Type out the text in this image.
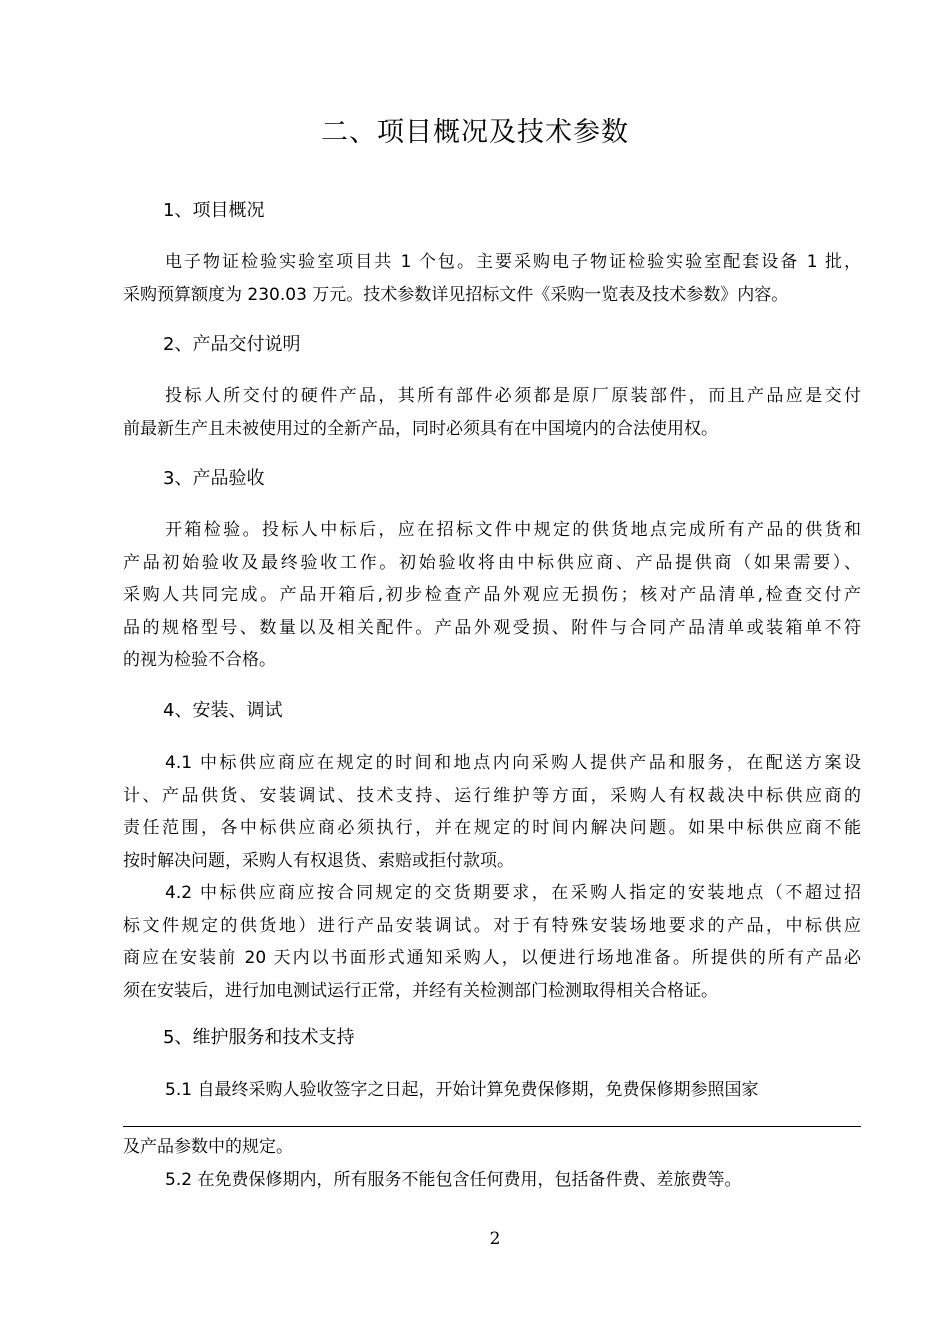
二、项目概况及技术参数
1、项目概况
电子物证检验实验室项目共 1 个包。主要采购电子物证检验实验室配套设备 1 批，
采购预算额度为 230.03 万元。技术参数详见招标文件《采购一览表及技术参数》内容。
2、产品交付说明
投标人所交付的硬件产品，其所有部件必须都是原厂原装部件，而且产品应是交付
前最新生产且未被使用过的全新产品，同时必须具有在中国境内的合法使用权。
3、产品验收
开箱检验。投标人中标后，应在招标文件中规定的供货地点完成所有产品的供货和
产品初始验收及最终验收工作。初始验收将由中标供应商、产品提供商（如果需要）、
采购人共同完成。产品开箱后,初步检查产品外观应无损伤；核对产品清单,检查交付产
品的规格型号、数量以及相关配件。产品外观受损、附件与合同产品清单或装箱单不符
的视为检验不合格。
4、安装、调试
4.1 中标供应商应在规定的时间和地点内向采购人提供产品和服务，在配送方案设
计、产品供货、安装调试、技术支持、运行维护等方面，采购人有权裁决中标供应商的
责任范围，各中标供应商必须执行，并在规定的时间内解决问题。如果中标供应商不能
按时解决问题，采购人有权退货、索赔或拒付款项。
4.2 中标供应商应按合同规定的交货期要求，在采购人指定的安装地点（不超过招
标文件规定的供货地）进行产品安装调试。对于有特殊安装场地要求的产品，中标供应
商应在安装前 20 天内以书面形式通知采购人，以便进行场地准备。所提供的所有产品必
须在安装后，进行加电测试运行正常，并经有关检测部门检测取得相关合格证。
5、维护服务和技术支持
5.1 自最终采购人验收签字之日起，开始计算免费保修期，免费保修期参照国家
及产品参数中的规定。
5.2 在免费保修期内，所有服务不能包含任何费用，包括备件费、差旅费等。
2
